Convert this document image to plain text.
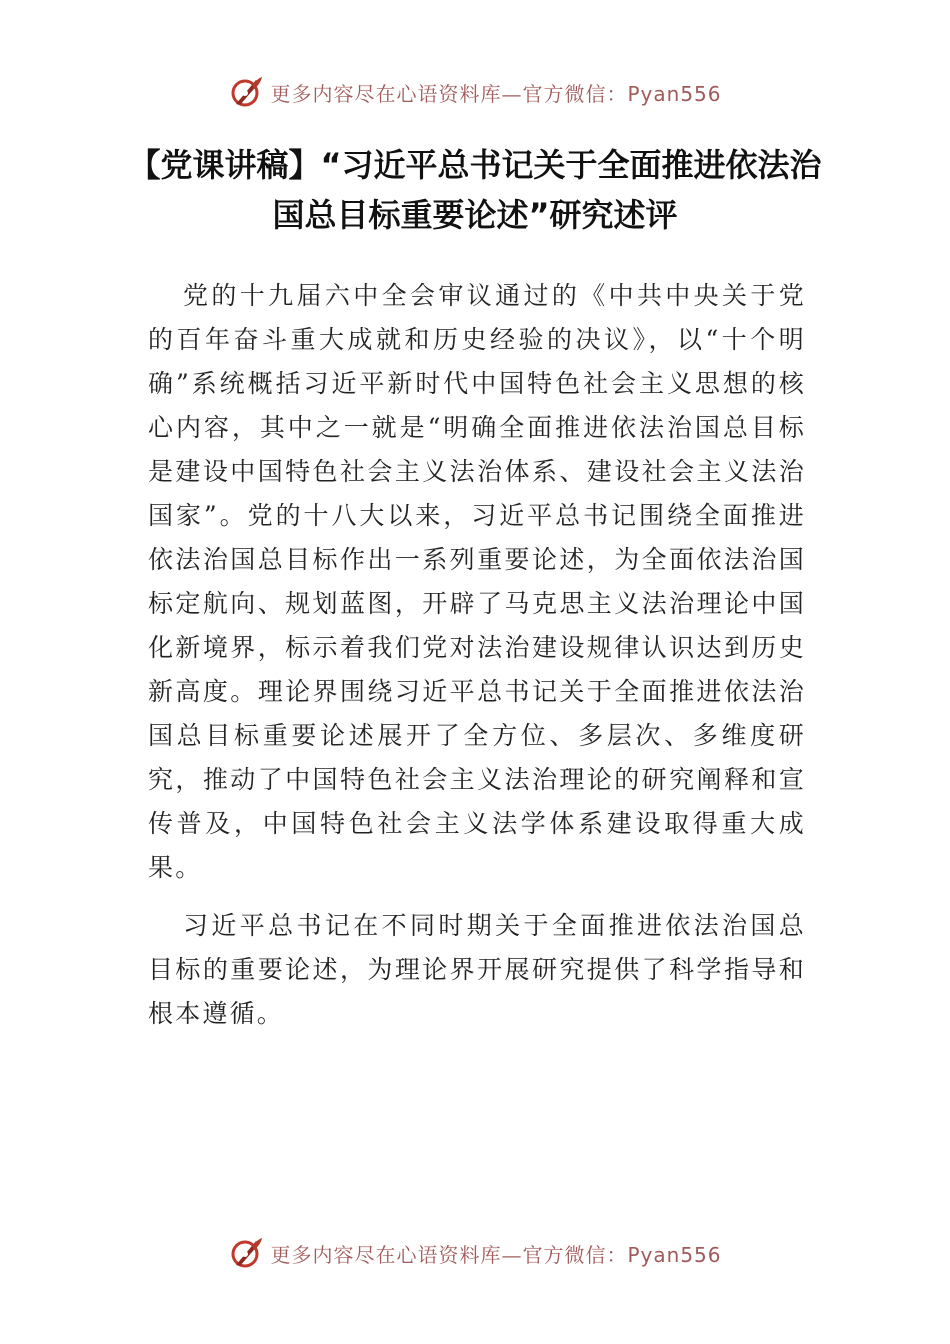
更多内容尽在心语资料库—官方微信：Pyan556
【党课讲稿】“习近平总书记关于全面推进依法治国总目标重要论述”研究述评

党的十九届六中全会审议通过的《中共中央关于党的百年奋斗重大成就和历史经验的决议》，以“十个明确”系统概括习近平新时代中国特色社会主义思想的核心内容，其中之一就是“明确全面推进依法治国总目标是建设中国特色社会主义法治体系、建设社会主义法治国家”。党的十八大以来，习近平总书记围绕全面推进依法治国总目标作出一系列重要论述，为全面依法治国标定航向、规划蓝图，开辟了马克思主义法治理论中国化新境界，标示着我们党对法治建设规律认识达到历史新高度。理论界围绕习近平总书记关于全面推进依法治国总目标重要论述展开了全方位、多层次、多维度研究，推动了中国特色社会主义法治理论的研究阐释和宣传普及，中国特色社会主义法学体系建设取得重大成果。

习近平总书记在不同时期关于全面推进依法治国总目标的重要论述，为理论界开展研究提供了科学指导和根本遵循。

更多内容尽在心语资料库—官方微信：Pyan556
